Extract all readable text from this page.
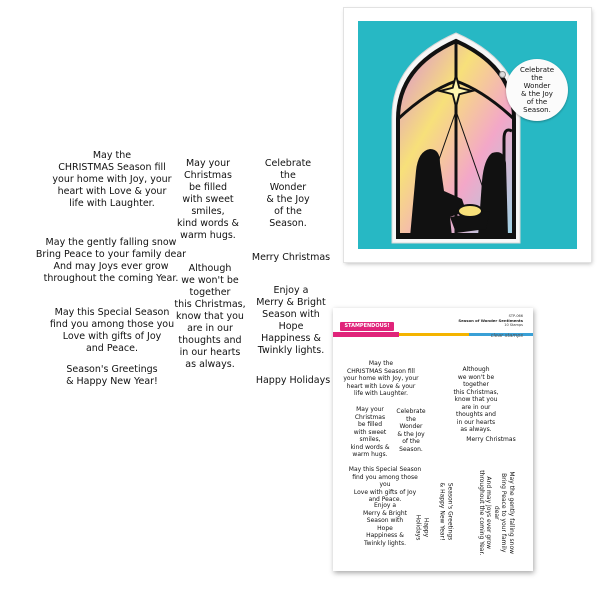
May the
CHRISTMAS Season fill
your home with Joy, your
heart with Love & your
life with Laughter.
May the gently falling snow
Bring Peace to your family dear
And may Joys ever grow
throughout the coming Year.
May this Special Season
find you among those you
Love with gifts of Joy
and Peace.
Season's Greetings
& Happy New Year!
May your
Christmas
be filled
with sweet
smiles,
kind words &
warm hugs.
Although
we won't be
together
this Christmas,
know that you
are in our
thoughts and
in our hearts
as always.
Celebrate
the
Wonder
& the Joy
of the
Season.
Merry Christmas
Enjoy a
Merry & Bright
Season with
Hope
Happiness &
Twinkly lights.
Happy Holidays
Celebrate
the
Wonder
& the Joy
of the
Season.
STAMPENDOUS!
STP-066
Season of Wonder Sentiments
10 Stamps
clear stamps
May the
CHRISTMAS Season fill
your home with Joy, your
heart with Love & your
life with Laughter.
Although
we won't be
together
this Christmas,
know that you
are in our
thoughts and
in our hearts
as always.
May your
Christmas
be filled
with sweet
smiles,
kind words &
warm hugs.
Celebrate
the
Wonder
& the Joy
of the
Season.
Merry Christmas
May this Special Season
find you among those you
Love with gifts of Joy
and Peace.
Enjoy a
Merry & Bright
Season with
Hope
Happiness &
Twinkly lights.
May the gently falling snow
Bring Peace to your family dear
And may Joys ever grow
throughout the coming Year.
Season's Greetings
& Happy New Year!
Happy Holidays
